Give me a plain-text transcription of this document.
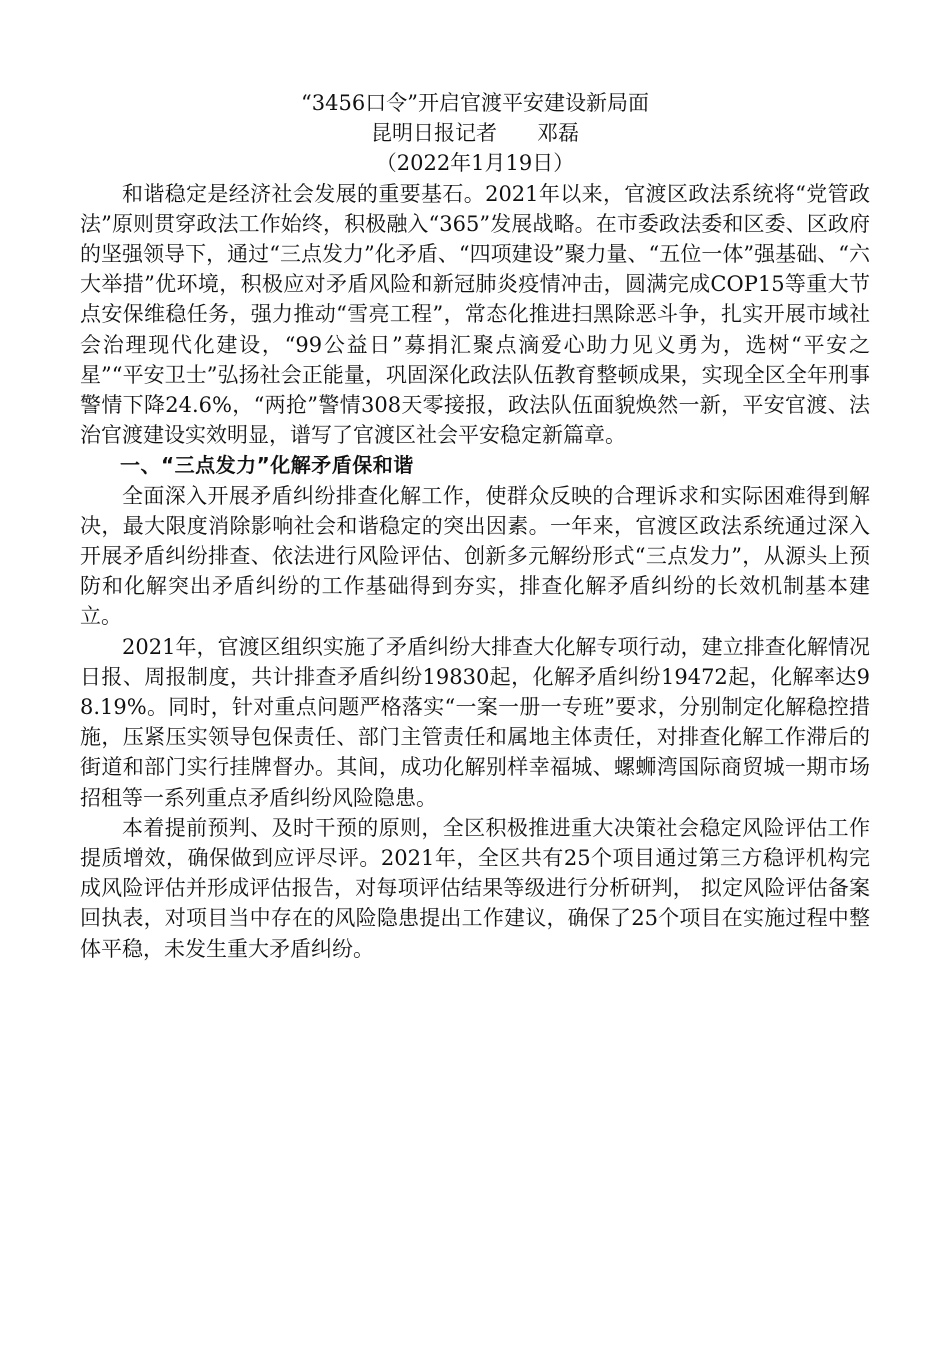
“3456口令”开启官渡平安建设新局面
昆明日报记者      邓磊
（2022年1月19日）

和谐稳定是经济社会发展的重要基石。2021年以来，官渡区政法系统将“党管政法”原则贯穿政法工作始终，积极融入“365”发展战略。在市委政法委和区委、区政府的坚强领导下，通过“三点发力”化矛盾、“四项建设”聚力量、“五位一体”强基础、“六大举措”优环境，积极应对矛盾风险和新冠肺炎疫情冲击，圆满完成COP15等重大节点安保维稳任务，强力推动“雪亮工程”，常态化推进扫黑除恶斗争，扎实开展市域社会治理现代化建设，“99公益日”募捐汇聚点滴爱心助力见义勇为，选树“平安之星”“平安卫士”弘扬社会正能量，巩固深化政法队伍教育整顿成果，实现全区全年刑事警情下降24.6%，“两抢”警情308天零接报，政法队伍面貌焕然一新，平安官渡、法治官渡建设实效明显，谱写了官渡区社会平安稳定新篇章。

一、“三点发力”化解矛盾保和谐

全面深入开展矛盾纠纷排查化解工作，使群众反映的合理诉求和实际困难得到解决，最大限度消除影响社会和谐稳定的突出因素。一年来，官渡区政法系统通过深入开展矛盾纠纷排查、依法进行风险评估、创新多元解纷形式“三点发力”，从源头上预防和化解突出矛盾纠纷的工作基础得到夯实，排查化解矛盾纠纷的长效机制基本建立。

2021年，官渡区组织实施了矛盾纠纷大排查大化解专项行动，建立排查化解情况日报、周报制度，共计排查矛盾纠纷19830起，化解矛盾纠纷19472起，化解率达98.19%。同时，针对重点问题严格落实“一案一册一专班”要求，分别制定化解稳控措施，压紧压实领导包保责任、部门主管责任和属地主体责任，对排查化解工作滞后的街道和部门实行挂牌督办。其间，成功化解别样幸福城、螺蛳湾国际商贸城一期市场招租等一系列重点矛盾纠纷风险隐患。

本着提前预判、及时干预的原则，全区积极推进重大决策社会稳定风险评估工作提质增效，确保做到应评尽评。2021年，全区共有25个项目通过第三方稳评机构完成风险评估并形成评估报告，对每项评估结果等级进行分析研判， 拟定风险评估备案回执表，对项目当中存在的风险隐患提出工作建议，确保了25个项目在实施过程中整体平稳，未发生重大矛盾纠纷。
